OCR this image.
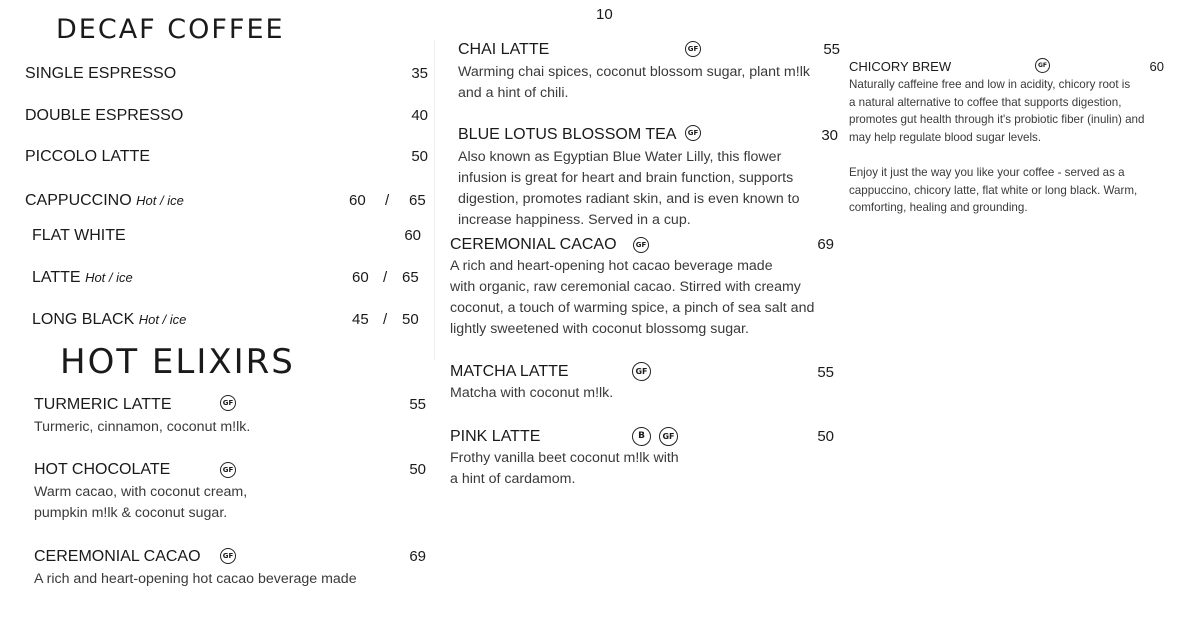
10
DECAF COFFEE
SINGLE ESPRESSO	35
DOUBLE ESPRESSO	40
PICCOLO LATTE	50
CAPPUCCINO Hot / ice	60 / 65
FLAT WHITE	60
LATTE Hot / ice	60 / 65
LONG BLACK Hot / ice	45 / 50
HOT ELIXIRS
TURMERIC LATTE	GF	55
Turmeric, cinnamon, coconut m!lk.
HOT CHOCOLATE	GF	50
Warm cacao, with coconut cream,
pumpkin m!lk & coconut sugar.
CEREMONIAL CACAO	GF	69
A rich and heart-opening hot cacao beverage made
CHAI LATTE	GF	55
Warming chai spices, coconut blossom sugar, plant m!lk
and a hint of chili.
BLUE LOTUS BLOSSOM TEA	GF	30
Also known as Egyptian Blue Water Lilly, this flower
infusion is great for heart and brain function, supports
digestion, promotes radiant skin, and is even known to
increase happiness. Served in a cup.
CEREMONIAL CACAO	GF	69
A rich and heart-opening hot cacao beverage made
with organic, raw ceremonial cacao. Stirred with creamy
coconut, a touch of warming spice, a pinch of sea salt and
lightly sweetened with coconut blossomg sugar.
MATCHA LATTE	GF	55
Matcha with coconut m!lk.
PINK LATTE	B	GF	50
Frothy vanilla beet coconut m!lk with
a hint of cardamom.
CHICORY BREW	GF	60
Naturally caffeine free and low in acidity, chicory root is
a natural alternative to coffee that supports digestion,
promotes gut health through it's probiotic fiber (inulin) and
may help regulate blood sugar levels.
Enjoy it just the way you like your coffee - served as a
cappuccino, chicory latte, flat white or long black. Warm,
comforting, healing and grounding.
